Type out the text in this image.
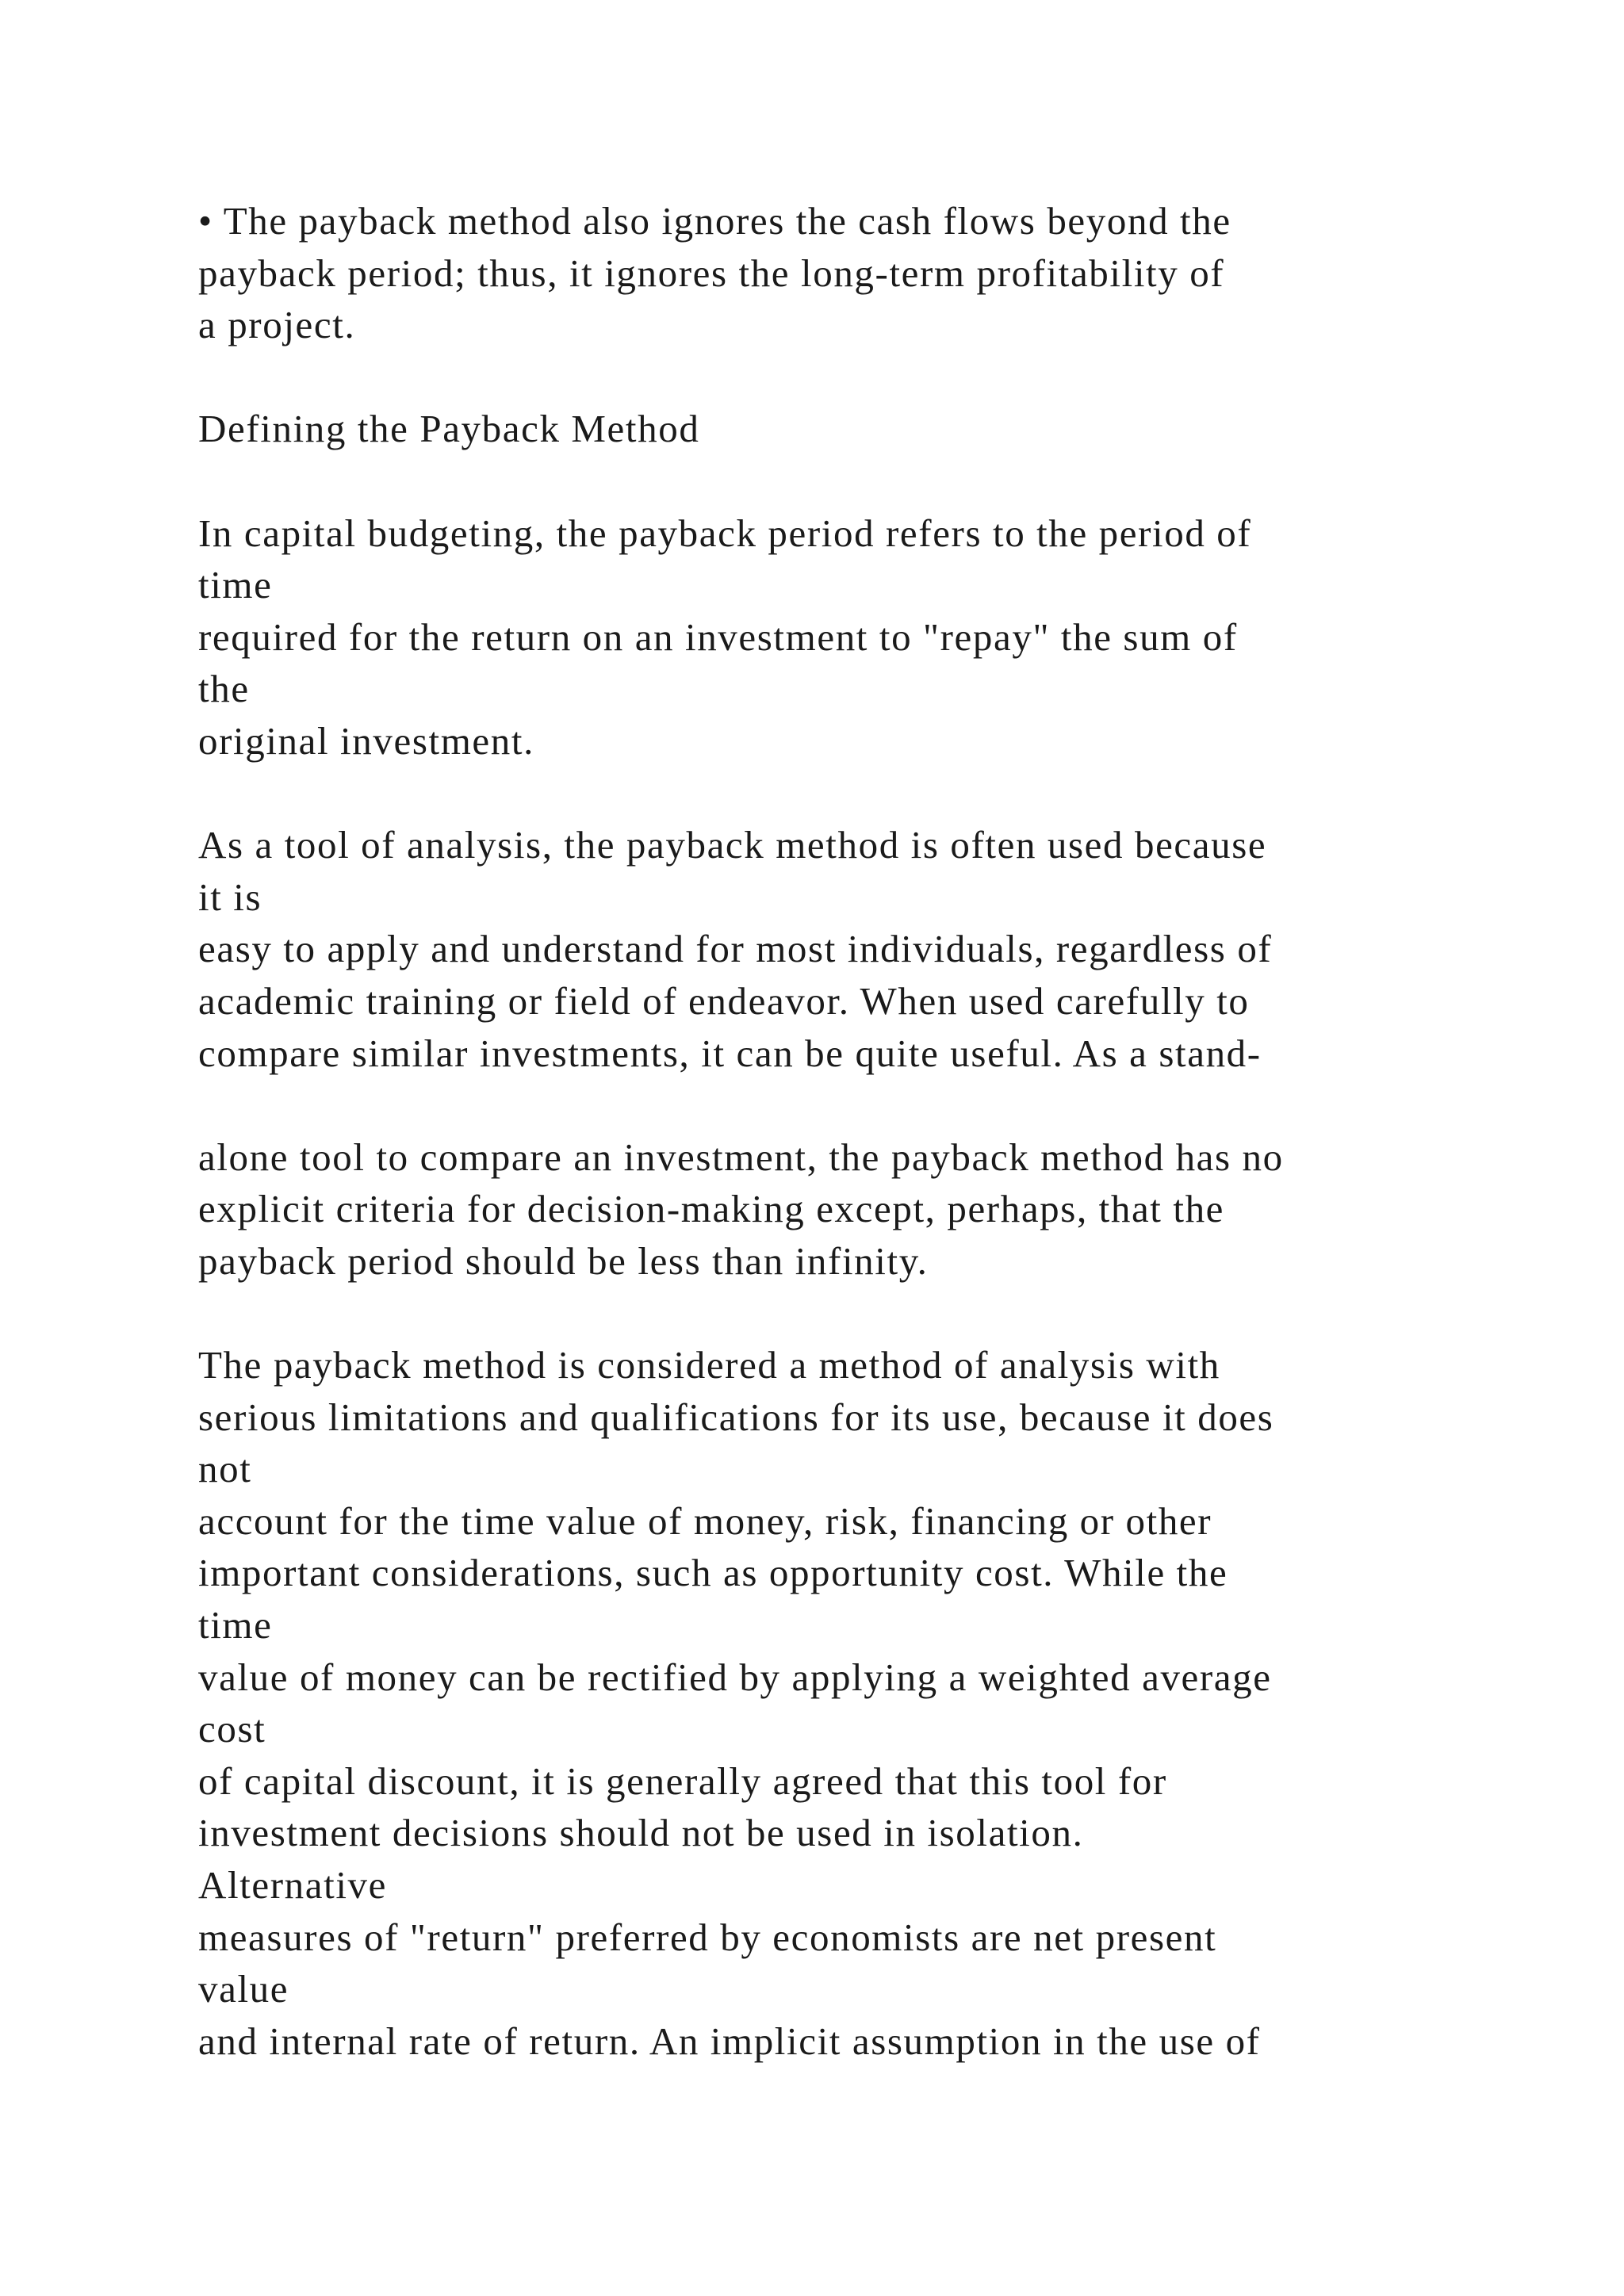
• The payback method also ignores the cash flows beyond the
payback period; thus, it ignores the long-term profitability of
a project.
Defining the Payback Method
In capital budgeting, the payback period refers to the period of
time
required for the return on an investment to "repay" the sum of
the
original investment.
As a tool of analysis, the payback method is often used because
it is
easy to apply and understand for most individuals, regardless of
academic training or field of endeavor. When used carefully to
compare similar investments, it can be quite useful. As a stand-
alone tool to compare an investment, the payback method has no
explicit criteria for decision-making except, perhaps, that the
payback period should be less than infinity.
The payback method is considered a method of analysis with
serious limitations and qualifications for its use, because it does
not
account for the time value of money, risk, financing or other
important considerations, such as opportunity cost. While the
time
value of money can be rectified by applying a weighted average
cost
of capital discount, it is generally agreed that this tool for
investment decisions should not be used in isolation.
Alternative
measures of "return" preferred by economists are net present
value
and internal rate of return. An implicit assumption in the use of
